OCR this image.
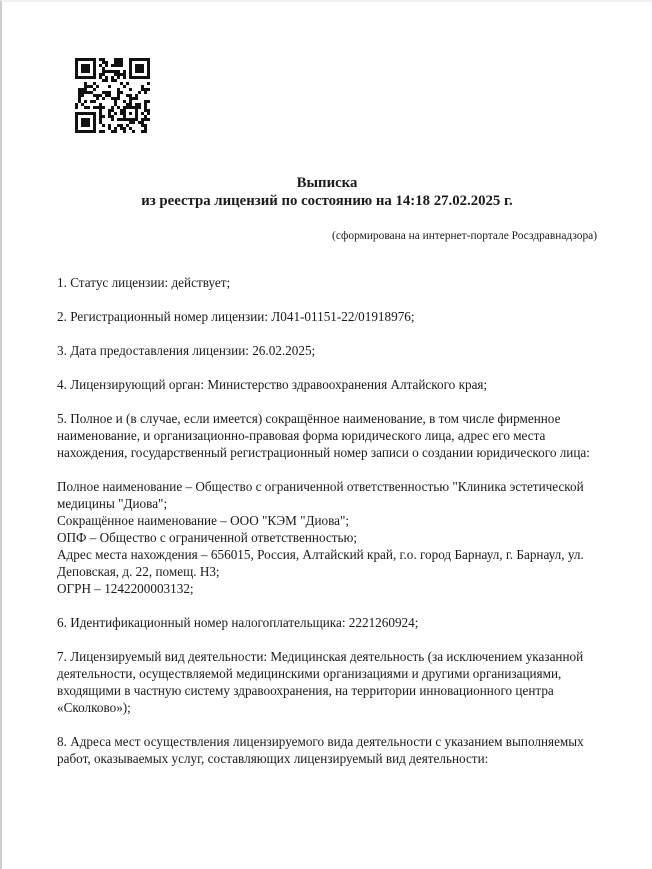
Выписка
из реестра лицензий по состоянию на 14:18 27.02.2025 г.
(сформирована на интернет-портале Росздравнадзора)

1. Статус лицензии: действует;

2. Регистрационный номер лицензии: Л041-01151-22/01918976;

3. Дата предоставления лицензии: 26.02.2025;

4. Лицензирующий орган: Министерство здравоохранения Алтайского края;

5. Полное и (в случае, если имеется) сокращённое наименование, в том числе фирменное наименование, и организационно-правовая форма юридического лица, адрес его места нахождения, государственный регистрационный номер записи о создании юридического лица:

Полное наименование – Общество с ограниченной ответственностью "Клиника эстетической медицины "Диова";
Сокращённое наименование – ООО "КЭМ "Диова";
ОПФ – Общество с ограниченной ответственностью;
Адрес места нахождения – 656015, Россия, Алтайский край, г.о. город Барнаул, г. Барнаул, ул. Деповская, д. 22, помещ. Н3;
ОГРН – 1242200003132;

6. Идентификационный номер налогоплательщика: 2221260924;

7. Лицензируемый вид деятельности: Медицинская деятельность (за исключением указанной деятельности, осуществляемой медицинскими организациями и другими организациями, входящими в частную систему здравоохранения, на территории инновационного центра «Сколково»);

8. Адреса мест осуществления лицензируемого вида деятельности с указанием выполняемых работ, оказываемых услуг, составляющих лицензируемый вид деятельности:
